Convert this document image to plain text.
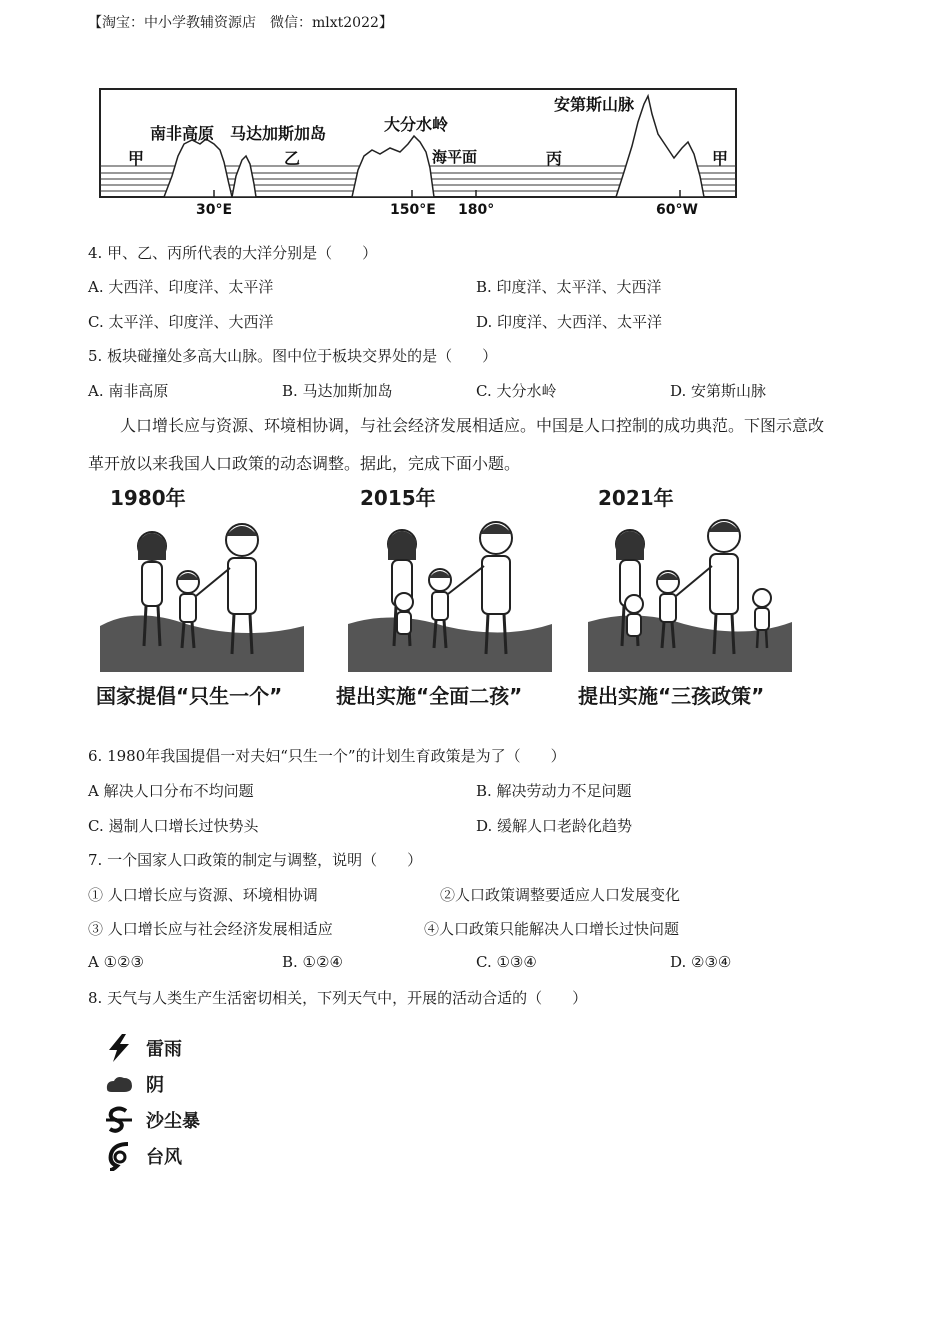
【淘宝：中小学教辅资源店　微信：mlxt2022】
甲
南非高原 马达加斯加岛
乙
大分水岭
海平面	丙
安第斯山脉
甲
30°E	150°E 180°	60°W
4. 甲、乙、丙所代表的大洋分别是（　　）
A. 大西洋、印度洋、太平洋	B. 印度洋、太平洋、大西洋
C. 太平洋、印度洋、大西洋	D. 印度洋、大西洋、太平洋
5. 板块碰撞处多高大山脉。图中位于板块交界处的是（　　）
A. 南非高原	B. 马达加斯加岛	C. 大分水岭	D. 安第斯山脉
人口增长应与资源、环境相协调，与社会经济发展相适应。中国是人口控制的成功典范。下图示意改
革开放以来我国人口政策的动态调整。据此，完成下面小题。
1980年	2015年	2021年
国家提倡“只生一个”	提出实施“全面二孩”	提出实施“三孩政策”
6. 1980年我国提倡一对夫妇“只生一个”的计划生育政策是为了（　　）
A 解决人口分布不均问题	B. 解决劳动力不足问题
C. 遏制人口增长过快势头	D. 缓解人口老龄化趋势
7. 一个国家人口政策的制定与调整，说明（　　）
① 人口增长应与资源、环境相协调	②人口政策调整要适应人口发展变化
③ 人口增长应与社会经济发展相适应	④人口政策只能解决人口增长过快问题
A ①②③	B. ①②④	C. ①③④	D. ②③④
8. 天气与人类生产生活密切相关，下列天气中，开展的活动合适的（　　）
雷雨
阴
沙尘暴
台风
